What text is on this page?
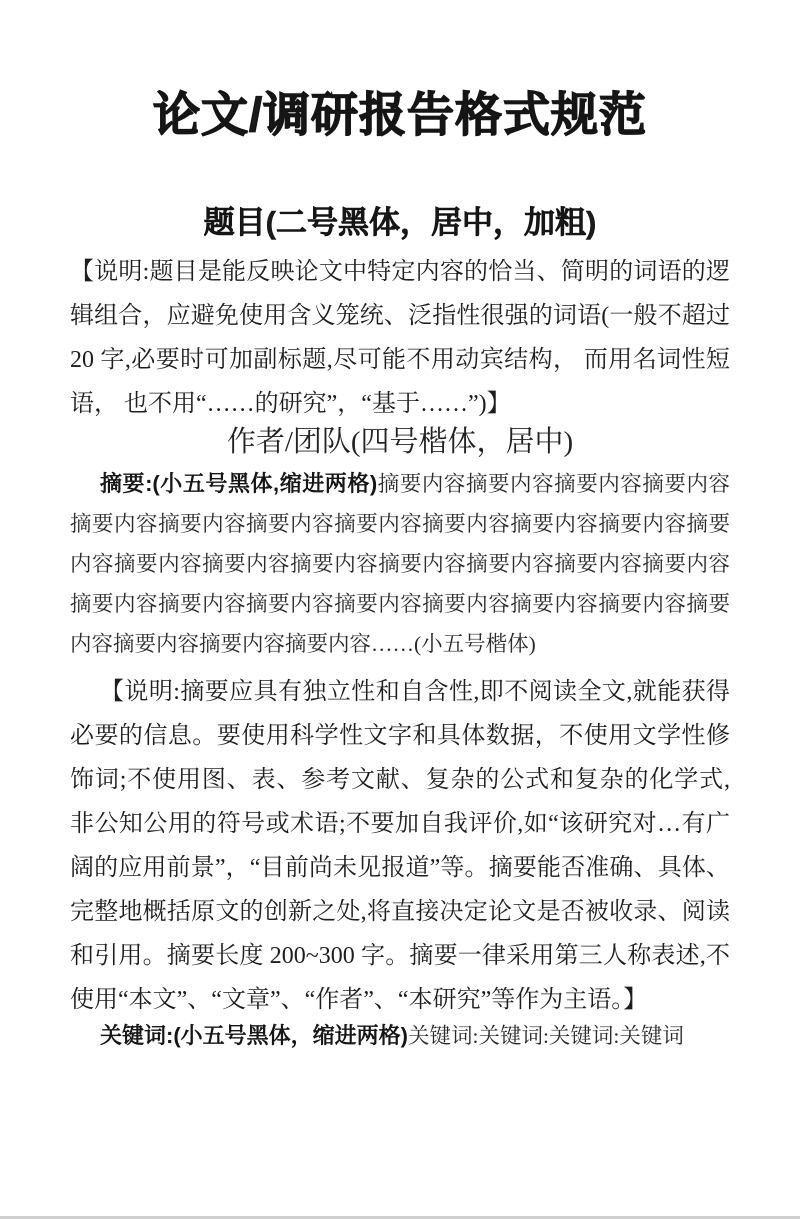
论文/调研报告格式规范
题目(二号黑体，居中，加粗)

【说明:题目是能反映论文中特定内容的恰当、简明的词语的逻辑组合，应避免使用含义笼统、泛指性很强的词语(一般不超过 20 字,必要时可加副标题,尽可能不用动宾结构， 而用名词性短语， 也不用“……的研究”，“基于……”)】

作者/团队(四号楷体，居中)

摘要:(小五号黑体,缩进两格)摘要内容摘要内容摘要内容摘要内容摘要内容摘要内容摘要内容摘要内容摘要内容摘要内容摘要内容摘要内容摘要内容摘要内容摘要内容摘要内容摘要内容摘要内容摘要内容摘要内容摘要内容摘要内容摘要内容摘要内容摘要内容摘要内容摘要内容摘要内容摘要内容摘要内容……(小五号楷体)

【说明:摘要应具有独立性和自含性,即不阅读全文,就能获得必要的信息。要使用科学性文字和具体数据，不使用文学性修饰词;不使用图、表、参考文献、复杂的公式和复杂的化学式,非公知公用的符号或术语;不要加自我评价,如“该研究对…有广阔的应用前景”，“目前尚未见报道”等。摘要能否准确、具体、完整地概括原文的创新之处,将直接决定论文是否被收录、阅读和引用。摘要长度 200~300 字。摘要一律采用第三人称表述,不使用“本文”、“文章”、“作者”、“本研究”等作为主语。】

关键词:(小五号黑体，缩进两格)关键词:关键词:关键词:关键词
